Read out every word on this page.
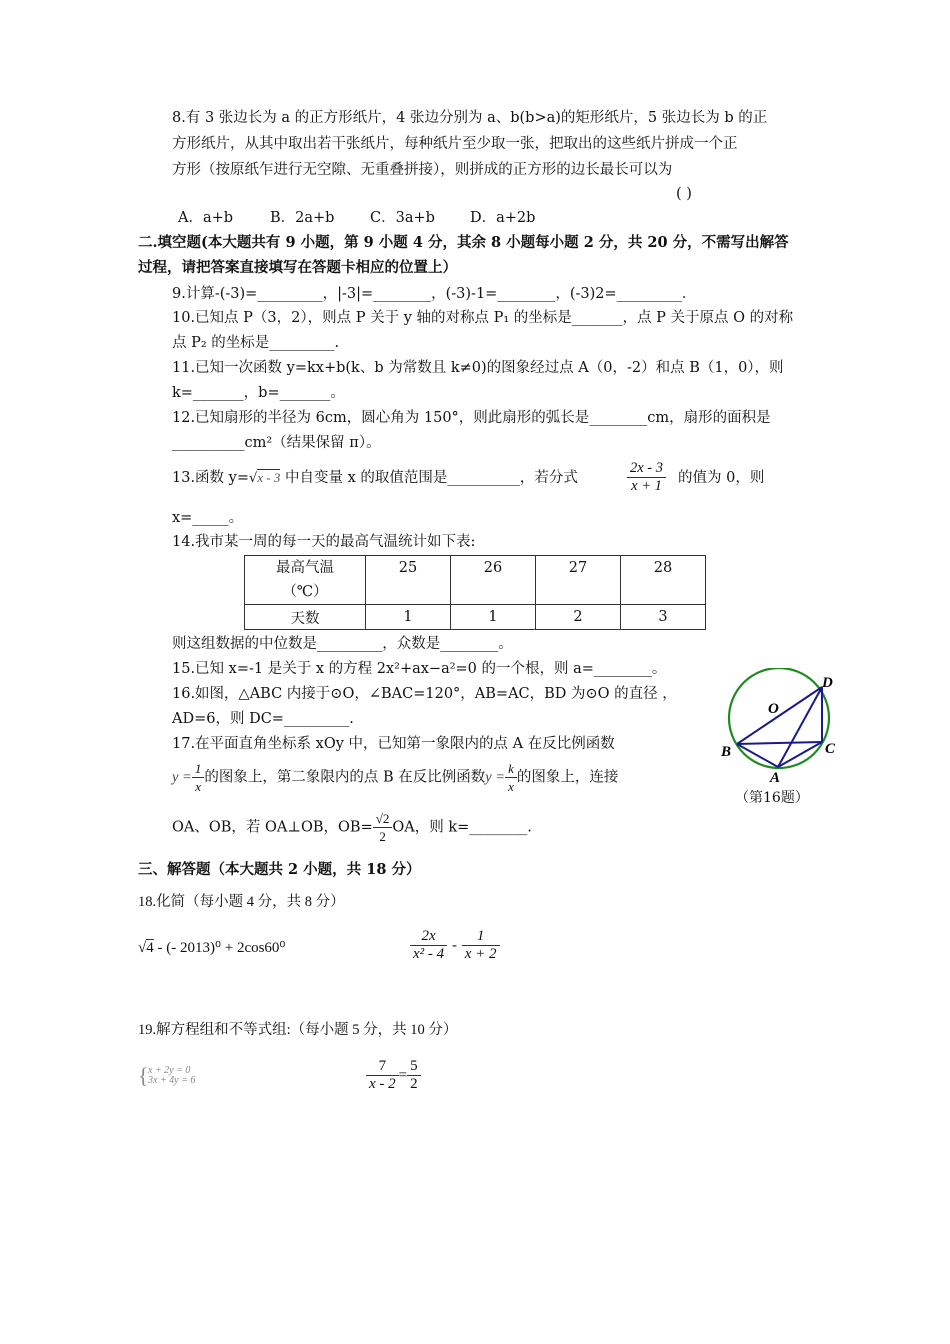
8.有 3 张边长为 a 的正方形纸片，4 张边分别为 a、b(b>a)的矩形纸片，5 张边长为 b 的正
方形纸片，从其中取出若干张纸片，每种纸片至少取一张，把取出的这些纸片拼成一个正
方形（按原纸乍进行无空隙、无重叠拼接），则拼成的正方形的边长最长可以为
( )
A．a+b	B．2a+b C．3a+b D．a+2b
二.填空题(本大题共有 9 小题，第 9 小题 4 分，其余 8 小题每小题 2 分，共 20 分，不需写出解答
过程，请把答案直接填写在答题卡相应的位置上）
9.计算-(-3)=_________，|-3|=________，(-3)-1=________，(-3)2=_________．
10.已知点 P（3，2），则点 P 关于 y 轴的对称点 P₁ 的坐标是_______，点 P 关于原点 O 的对称
点 P₂ 的坐标是_________.
11.已知一次函数 y=kx+b(k、b 为常数且 k≠0)的图象经过点 A（0，-2）和点 B（1，0），则
k=_______，b=_______。
12.已知扇形的半径为 6cm，圆心角为 150°，则此扇形的弧长是________cm，扇形的面积是
__________cm²（结果保留 π）。
13.函数 y=√x - 3 中自变量 x 的取值范围是__________，若分式	$\frac{2x - 3}{x + 1}$ 的值为 0，则
x=_____。
14.我市某一周的每一天的最高气温统计如下表:
最高气温
（℃）	25	26	27	28
天数	1	1	2	3
则这组数据的中位数是_________，众数是________。
15.已知 x=-1 是关于 x 的方程 2x²+ax−a²=0 的一个根，则 a=________。
16.如图，△ABC 内接于⊙O，∠BAC=120°，AB=AC，BD 为⊙O 的直径 ，
AD=6，则 DC=_________.
D
O
B	C
A
（第16题）
17.在平面直角坐标系 xOy 中，已知第一象限内的点 A 在反比例函数
$y = \frac{1}{x}$ 的图象上，第二象限内的点 B 在反比例函数$y = \frac{k}{x}$ 的图象上，连接
OA、OB，若 OA⊥OB，$OB= \frac{√2}{2}$ OA，则 k=________.
三、解答题（本大题共 2 小题，共 18 分）
18.化简（每小题 4 分，共 8 分）
√4 - (- 2013)⁰ + 2cos60⁰	$\frac{2x}{\text{x² - 4}} - \frac{1}{x + 2}$
19.解方程组和不等式组:（每小题 5 分，共 10 分）
{ x + 2y = 0
3x + 4y = 6	$\frac{7}{x - 2} = \frac{5}{2}$
